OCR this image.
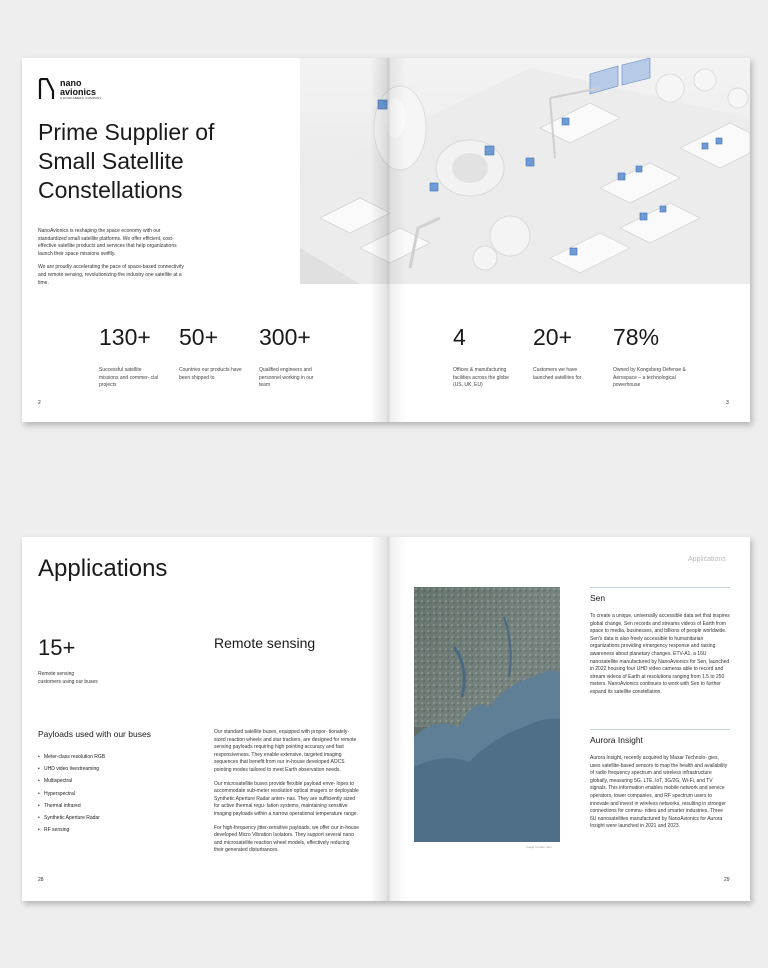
nano
avionics
A KONGSBERG COMPANY
Prime Supplier of
Small Satellite
Constellations

NanoAvionics is reshaping the space economy with our standardized small satellite platforms. We offer efficient, cost-effective satellite products and services that help organizations launch their space missions swiftly.

We are proudly accelerating the pace of space-based connectivity and remote sensing, revolutionizing the industry one satellite at a time.

130+
Successful satellite missions and commer- cial projects
50+
Countries our products have been shipped to
300+
Qualified engineers and personnel working in our team
4
Offices & manufacturing facilities across the globe (US, UK, EU)
20+
Customers we have launched satellites for
78%
Owned by Kongsberg Defense & Aerospace – a technological powerhouse
2	3
Applications	Applications
15+
Remote sensing customers using our buses
Remote sensing
Payloads used with our buses
• Meter-class resolution RGB
• UHD video livestreaming
• Multispectral
• Hyperspectral
• Thermal infrared
• Synthetic Aperture Radar
• RF sensing

Our standard satellite buses, equipped with propor- tionately-sized reaction wheels and star trackers, are designed for remote sensing payloads requiring high pointing accuracy and fast responsiveness. They enable extensive, targeted imaging sequences that benefit from our in-house developed AOCS pointing modes tailored to meet Earth observation needs.

Our microsatellite buses provide flexible payload enve- lopes to accommodate sub-meter resolution optical imagers or deployable Synthetic Aperture Radar anten- nas. They are sufficiently sized for active thermal regu- lation systems, maintaining sensitive imaging payloads within a narrow operational temperature range.

For high-frequency jitter-sensitive payloads, we offer our in-house developed Micro Vibration Isolators. They support several nano and microsatellite reaction wheel models, effectively reducing their generated disturbances.

Image Credits: Sen
Sen
To create a unique, universally accessible data set that inspires global change, Sen records and streams videos of Earth from space to media, businesses, and billions of people worldwide. Sen's data is also freely accessible to humanitarian organizations providing emergency response and raising awareness about planetary changes. ETV-A1, a 16U nanosatellite manufactured by NanoAvionics for Sen, launched in 2022 housing four UHD video cameras able to record and stream videos of Earth at resolutions ranging from 1.5 to 250 meters. NanoAvionics continues to work with Sen to further expand its satellite constellation.
Aurora Insight
Aurora Insight, recently acquired by Maxar Technolo- gies, uses satellite-based sensors to map the health and availability of radio frequency spectrum and wireless infrastructure globally, measuring 5G, LTE, IoT, 3G/2G, Wi-Fi, and TV signals. This information enables mobile network and service operators, tower companies, and RF spectrum users to innovate and invest in wireless networks, resulting in stronger connections for commu- nities and smarter industries. Three 6U nanosatellites manufactured by NanoAvionics for Aurora Insight were launched in 2021 and 2023.
28	29
